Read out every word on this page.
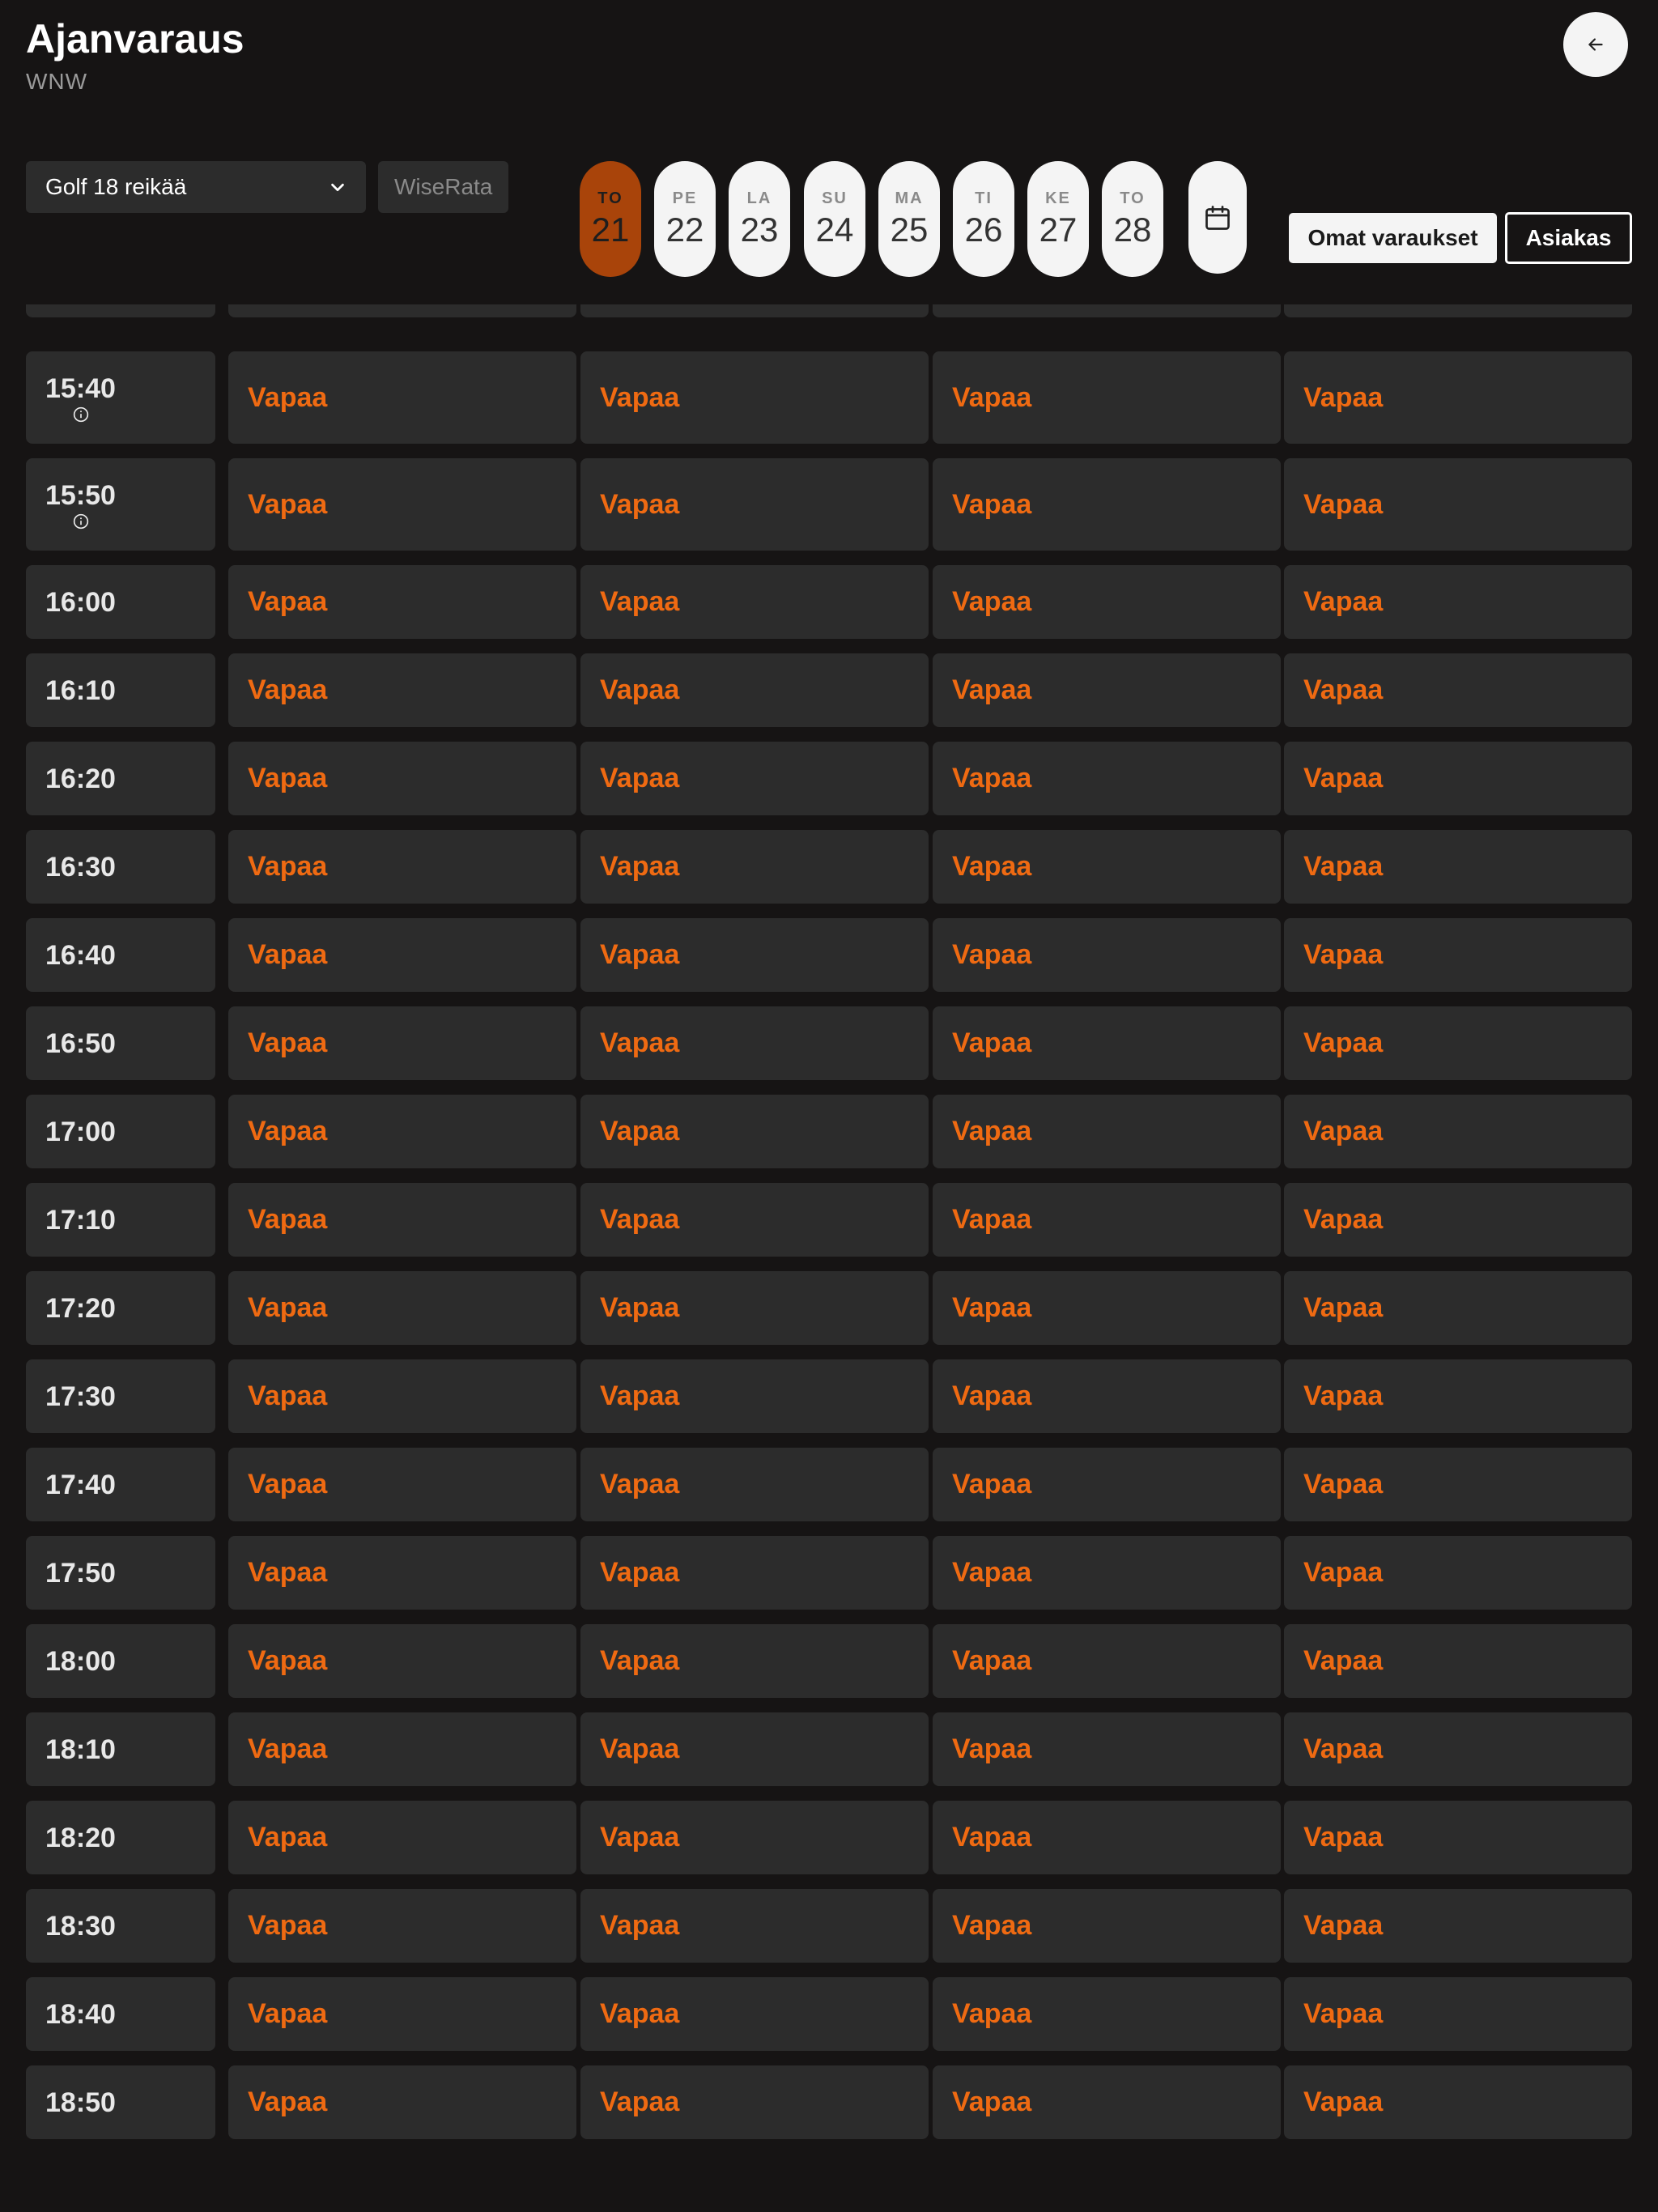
Ajanvaraus
WNW
Golf 18 reikää	WiseRata	TO
21
PE
22
LA
23
SU
24
MA
25
TI
26
KE
27
TO
28	Omat varaukset	Asiakas
15:40	Vapaa	Vapaa	Vapaa	Vapaa
15:50	Vapaa	Vapaa	Vapaa	Vapaa
16:00	Vapaa	Vapaa	Vapaa	Vapaa
16:10	Vapaa	Vapaa	Vapaa	Vapaa
16:20	Vapaa	Vapaa	Vapaa	Vapaa
16:30	Vapaa	Vapaa	Vapaa	Vapaa
16:40	Vapaa	Vapaa	Vapaa	Vapaa
16:50	Vapaa	Vapaa	Vapaa	Vapaa
17:00	Vapaa	Vapaa	Vapaa	Vapaa
17:10	Vapaa	Vapaa	Vapaa	Vapaa
17:20	Vapaa	Vapaa	Vapaa	Vapaa
17:30	Vapaa	Vapaa	Vapaa	Vapaa
17:40	Vapaa	Vapaa	Vapaa	Vapaa
17:50	Vapaa	Vapaa	Vapaa	Vapaa
18:00	Vapaa	Vapaa	Vapaa	Vapaa
18:10	Vapaa	Vapaa	Vapaa	Vapaa
18:20	Vapaa	Vapaa	Vapaa	Vapaa
18:30	Vapaa	Vapaa	Vapaa	Vapaa
18:40	Vapaa	Vapaa	Vapaa	Vapaa
18:50	Vapaa	Vapaa	Vapaa	Vapaa
